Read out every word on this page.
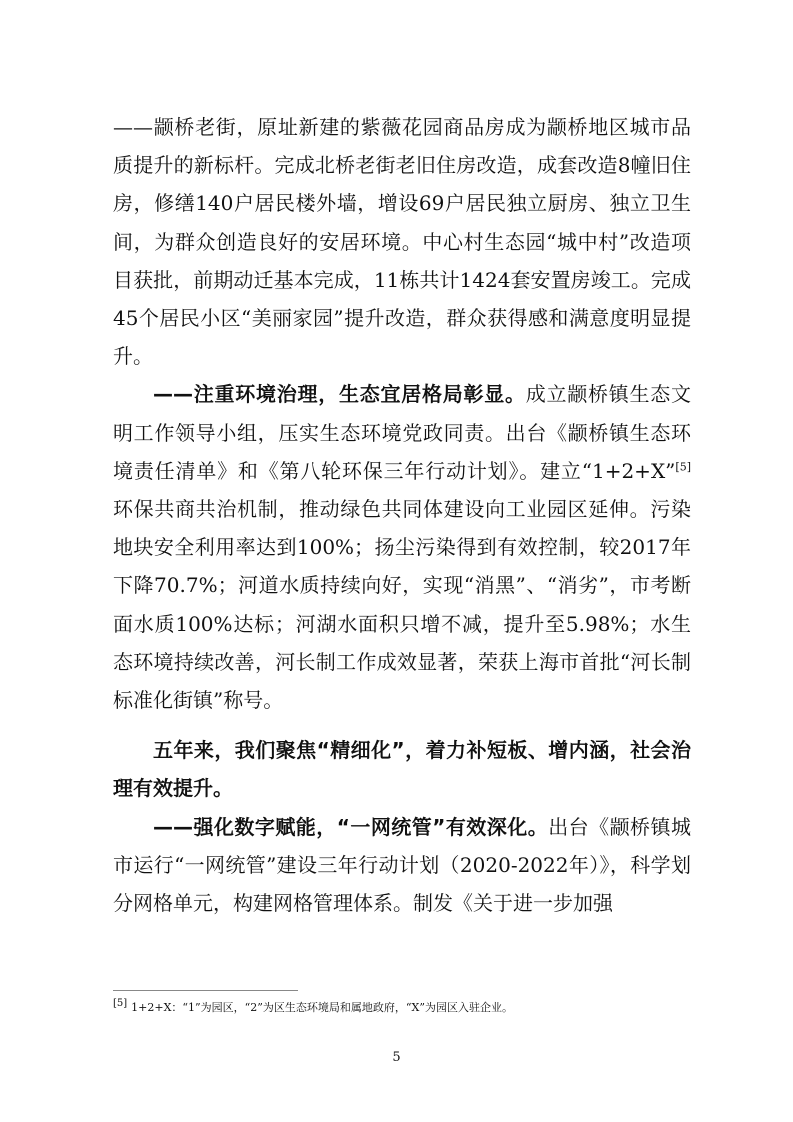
——颛桥老街，原址新建的紫薇花园商品房成为颛桥地区城市品质提升的新标杆。完成北桥老街老旧住房改造，成套改造8幢旧住房，修缮140户居民楼外墙，增设69户居民独立厨房、独立卫生间，为群众创造良好的安居环境。中心村生态园“城中村”改造项目获批，前期动迁基本完成，11栋共计1424套安置房竣工。完成45个居民小区“美丽家园”提升改造，群众获得感和满意度明显提升。

——注重环境治理，生态宜居格局彰显。成立颛桥镇生态文明工作领导小组，压实生态环境党政同责。出台《颛桥镇生态环境责任清单》和《第八轮环保三年行动计划》。建立“1+2+X”[5]环保共商共治机制，推动绿色共同体建设向工业园区延伸。污染地块安全利用率达到100%；扬尘污染得到有效控制，较2017年下降70.7%；河道水质持续向好，实现“消黑”、“消劣”，市考断面水质100%达标；河湖水面积只增不减，提升至5.98%；水生态环境持续改善，河长制工作成效显著，荣获上海市首批“河长制标准化街镇”称号。

五年来，我们聚焦“精细化”，着力补短板、增内涵，社会治理有效提升。

——强化数字赋能，“一网统管”有效深化。出台《颛桥镇城市运行“一网统管”建设三年行动计划（2020-2022年）》，科学划分网格单元，构建网格管理体系。制发《关于进一步加强

[5] 1+2+X：“1”为园区，“2”为区生态环境局和属地政府，“X”为园区入驻企业。
5
